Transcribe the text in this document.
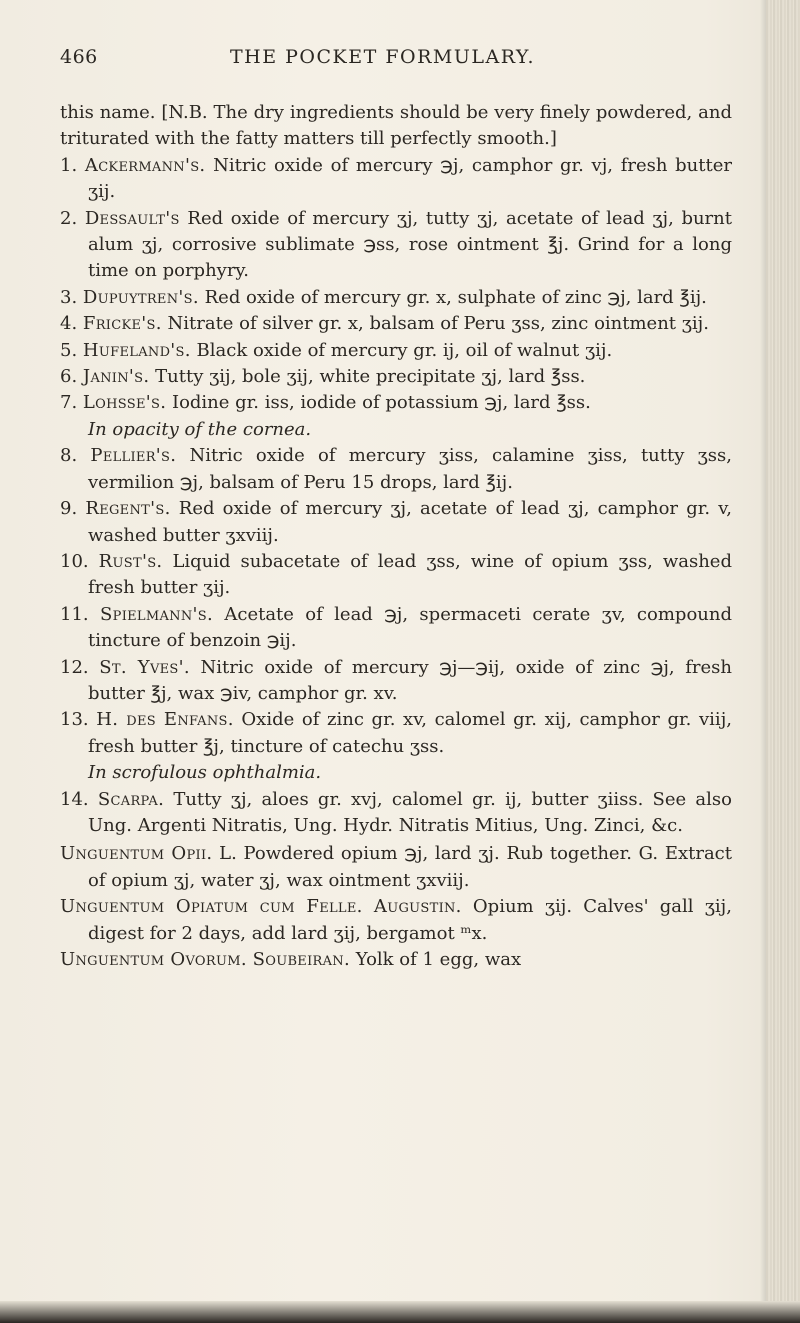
466	THE POCKET FORMULARY.

this name. [N.B. The dry ingredients should be very finely powdered, and triturated with the fatty matters till perfectly smooth.]

1. Ackermann's. Nitric oxide of mercury ℈j, camphor gr. vj, fresh butter ʒij.

2. Dessault's Red oxide of mercury ʒj, tutty ʒj, acetate of lead ʒj, burnt alum ʒj, corrosive sublimate ℈ss, rose ointment ℥j. Grind for a long time on porphyry.

3. Dupuytren's. Red oxide of mercury gr. x, sulphate of zinc ℈j, lard ℥ij.

4. Fricke's. Nitrate of silver gr. x, balsam of Peru ʒss, zinc ointment ʒij.

5. Hufeland's. Black oxide of mercury gr. ij, oil of walnut ʒij.

6. Janin's. Tutty ʒij, bole ʒij, white precipitate ʒj, lard ℥ss.

7. Lohsse's. Iodine gr. iss, iodide of potassium ℈j, lard ℥ss.

In opacity of the cornea.

8. Pellier's. Nitric oxide of mercury ʒiss, calamine ʒiss, tutty ʒss, vermilion ℈j, balsam of Peru 15 drops, lard ℥ij.

9. Regent's. Red oxide of mercury ʒj, acetate of lead ʒj, camphor gr. v, washed butter ʒxviij.

10. Rust's. Liquid subacetate of lead ʒss, wine of opium ʒss, washed fresh butter ʒij.

11. Spielmann's. Acetate of lead ℈j, spermaceti cerate ʒv, compound tincture of benzoin ℈ij.

12. St. Yves'. Nitric oxide of mercury ℈j—℈ij, oxide of zinc ℈j, fresh butter ℥j, wax ℈iv, camphor gr. xv.

13. H. des Enfans. Oxide of zinc gr. xv, calomel gr. xij, camphor gr. viij, fresh butter ℥j, tincture of catechu ʒss.

In scrofulous ophthalmia.

14. Scarpa. Tutty ʒj, aloes gr. xvj, calomel gr. ij, butter ʒiiss. See also Ung. Argenti Nitratis, Ung. Hydr. Nitratis Mitius, Ung. Zinci, &c.

Unguentum Opii. L. Powdered opium ℈j, lard ʒj. Rub together. G. Extract of opium ʒj, water ʒj, wax ointment ʒxviij.

Unguentum Opiatum cum Felle. Augustin. Opium ʒij. Calves' gall ʒij, digest for 2 days, add lard ʒij, bergamot ᵐx.

Unguentum Ovorum. Soubeiran. Yolk of 1 egg, wax
